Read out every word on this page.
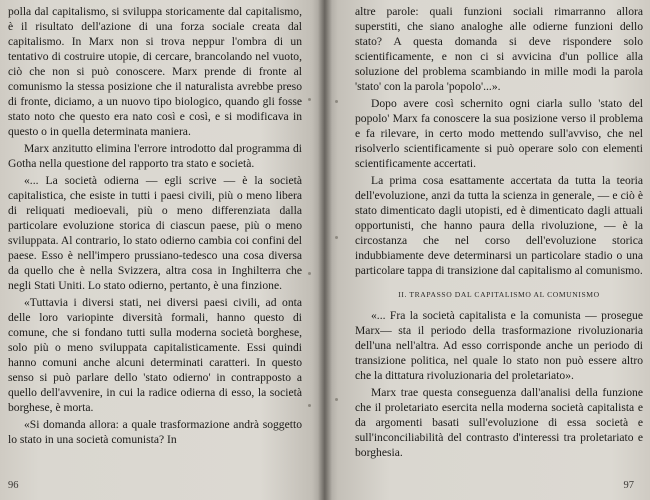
polla dal capitalismo, si sviluppa storicamente dal capitalismo, è il risultato dell'azione di una forza sociale creata dal capitalismo. In Marx non si trova neppur l'ombra di un tentativo di costruire utopie, di cercare, brancolando nel vuoto, ciò che non si può conoscere. Marx prende di fronte al comunismo la stessa posizione che il naturalista avrebbe preso di fronte, diciamo, a un nuovo tipo biologico, quando gli fosse stato noto che questo era nato così e così, e si modificava in questo o in quella determinata maniera.

Marx anzitutto elimina l'errore introdotto dal programma di Gotha nella questione del rapporto tra stato e società.

«... La società odierna — egli scrive — è la società capitalistica, che esiste in tutti i paesi civili, più o meno libera di reliquati medioevali, più o meno differenziata dalla particolare evoluzione storica di ciascun paese, più o meno sviluppata. Al contrario, lo stato odierno cambia coi confini del paese. Esso è nell'impero prussiano-tedesco una cosa diversa da quello che è nella Svizzera, altra cosa in Inghilterra che negli Stati Uniti. Lo stato odierno, pertanto, è una finzione.

«Tuttavia i diversi stati, nei diversi paesi civili, ad onta delle loro variopinte diversità formali, hanno questo di comune, che si fondano tutti sulla moderna società borghese, solo più o meno sviluppata capitalisticamente. Essi quindi hanno comuni anche alcuni determinati caratteri. In questo senso si può parlare dello 'stato odierno' in contrapposto a quello dell'avvenire, in cui la radice odierna di esso, la società borghese, è morta.

«Si domanda allora: a quale trasformazione andrà soggetto lo stato in una società comunista? In

96

altre parole: quali funzioni sociali rimarranno allora superstiti, che siano analoghe alle odierne funzioni dello stato? A questa domanda si deve rispondere solo scientificamente, e non ci si avvicina d'un pollice alla soluzione del problema scambiando in mille modi la parola 'stato' con la parola 'popolo'...».

Dopo avere così schernito ogni ciarla sullo 'stato del popolo' Marx fa conoscere la sua posizione verso il problema e fa rilevare, in certo modo mettendo sull'avviso, che nel risolverlo scientificamente si può operare solo con elementi scientificamente accertati.

La prima cosa esattamente accertata da tutta la teoria dell'evoluzione, anzi da tutta la scienza in generale, — e ciò è stato dimenticato dagli utopisti, ed è dimenticato dagli attuali opportunisti, che hanno paura della rivoluzione, — è la circostanza che nel corso dell'evoluzione storica indubbiamente deve determinarsi un particolare stadio o una particolare tappa di transizione dal capitalismo al comunismo.

II. TRAPASSO DAL CAPITALISMO AL COMUNISMO

«... Fra la società capitalista e la comunista — prosegue Marx— sta il periodo della trasformazione rivoluzionaria dell'una nell'altra. Ad esso corrisponde anche un periodo di transizione politica, nel quale lo stato non può essere altro che la dittatura rivoluzionaria del proletariato».

Marx trae questa conseguenza dall'analisi della funzione che il proletariato esercita nella moderna società capitalista e da argomenti basati sull'evoluzione di essa società e sull'inconciliabilità del contrasto d'interessi tra proletariato e borghesia.

97
